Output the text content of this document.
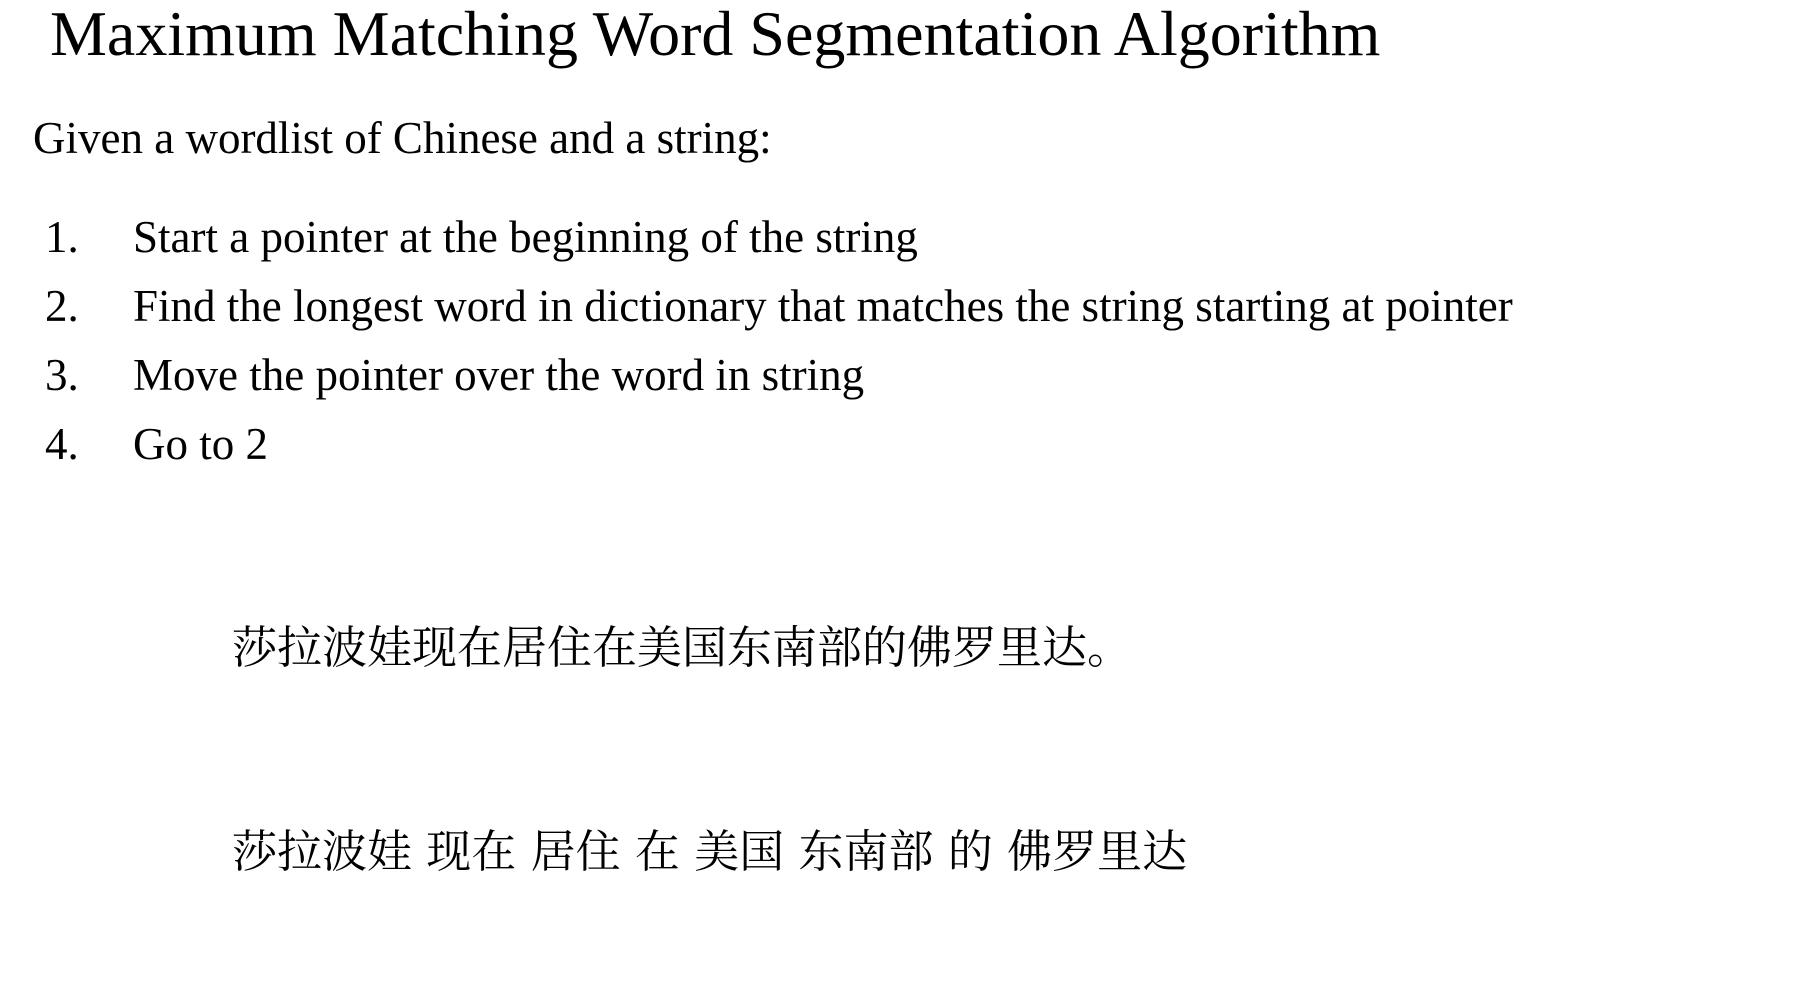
Maximum Matching Word Segmentation Algorithm
Given a wordlist of Chinese and a string:
1. Start a pointer at the beginning of the string
2. Find the longest word in dictionary that matches the string starting at pointer
3. Move the pointer over the word in string
4. Go to 2
莎拉波娃现在居住在美国东南部的佛罗里达。
莎拉波娃 现在 居住 在 美国 东南部 的 佛罗里达
